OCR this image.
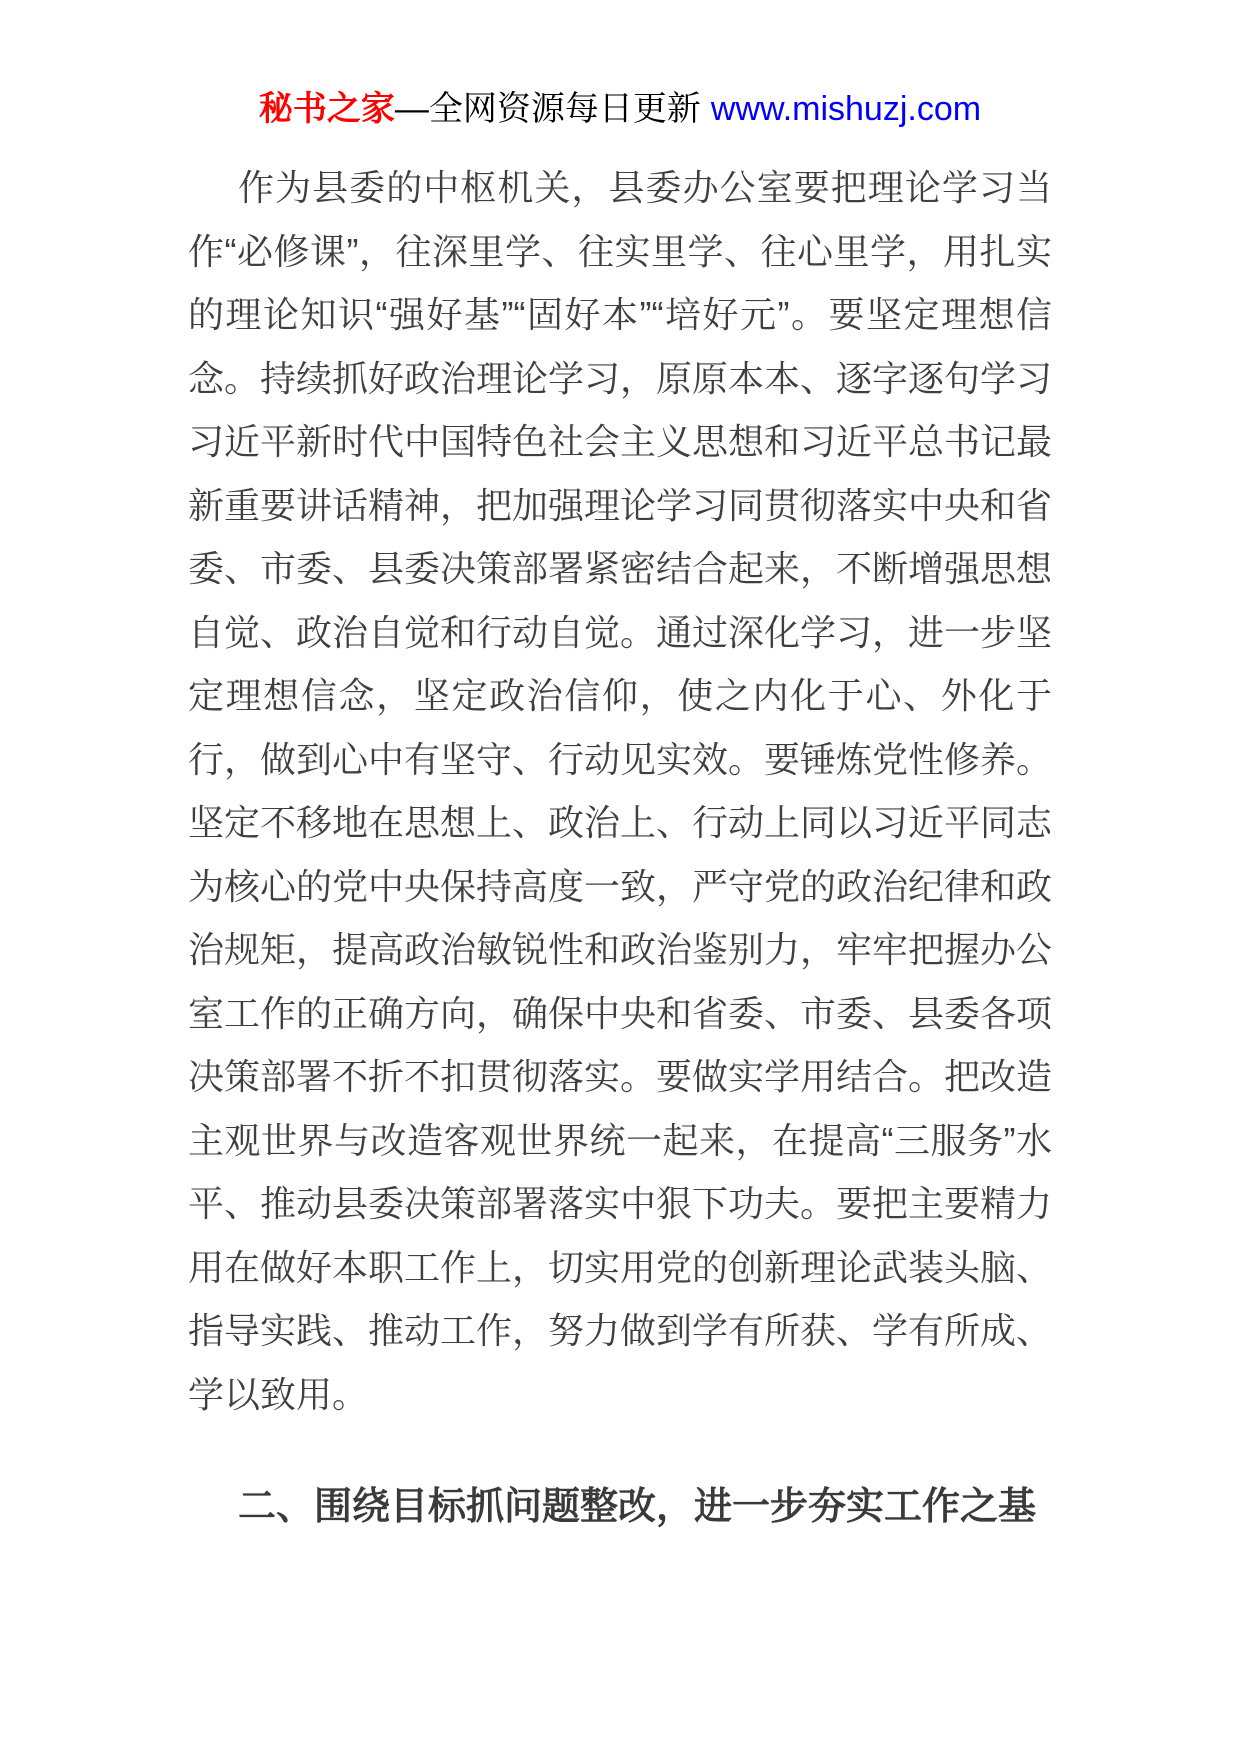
秘书之家—全网资源每日更新 www.mishuzj.com

作为县委的中枢机关，县委办公室要把理论学习当作“必修课”，往深里学、往实里学、往心里学，用扎实的理论知识“强好基”“固好本”“培好元”。要坚定理想信念。持续抓好政治理论学习，原原本本、逐字逐句学习习近平新时代中国特色社会主义思想和习近平总书记最新重要讲话精神，把加强理论学习同贯彻落实中央和省委、市委、县委决策部署紧密结合起来，不断增强思想自觉、政治自觉和行动自觉。通过深化学习，进一步坚定理想信念，坚定政治信仰，使之内化于心、外化于行，做到心中有坚守、行动见实效。要锤炼党性修养。坚定不移地在思想上、政治上、行动上同以习近平同志为核心的党中央保持高度一致，严守党的政治纪律和政治规矩，提高政治敏锐性和政治鉴别力，牢牢把握办公室工作的正确方向，确保中央和省委、市委、县委各项决策部署不折不扣贯彻落实。要做实学用结合。把改造主观世界与改造客观世界统一起来，在提高“三服务”水平、推动县委决策部署落实中狠下功夫。要把主要精力用在做好本职工作上，切实用党的创新理论武装头脑、指导实践、推动工作，努力做到学有所获、学有所成、学以致用。

二、围绕目标抓问题整改，进一步夯实工作之基
